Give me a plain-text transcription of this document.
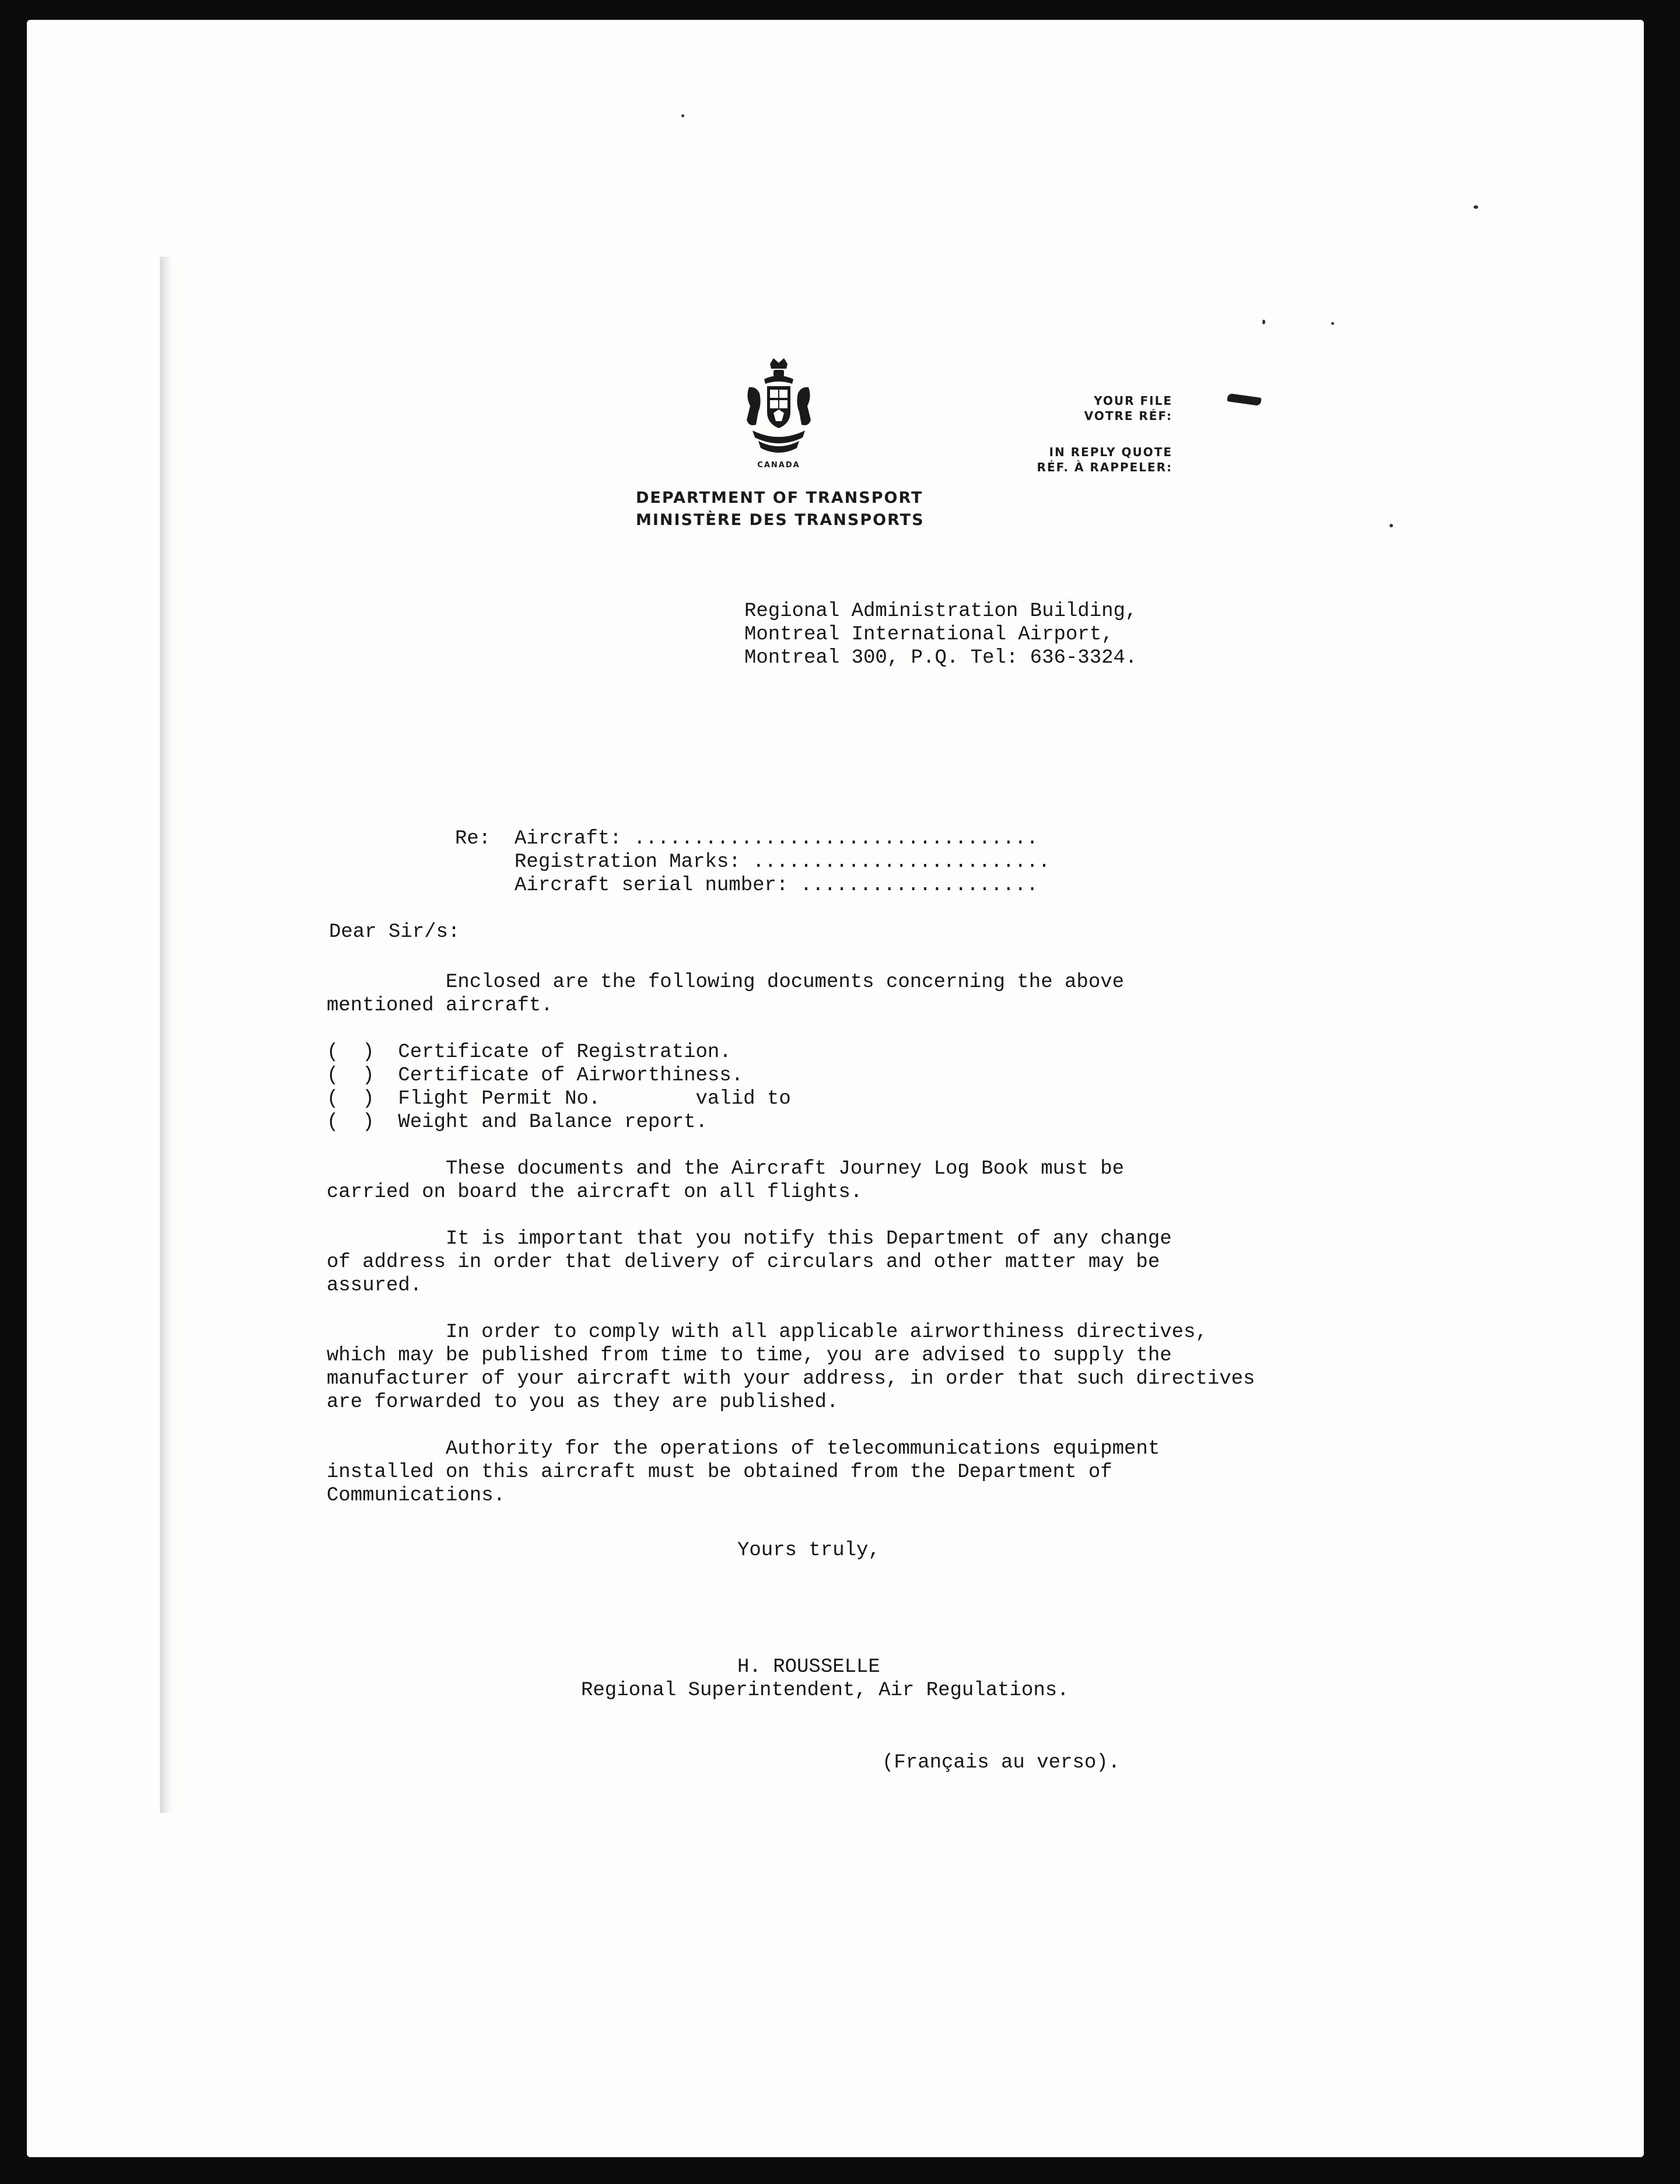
CANADA
DEPARTMENT OF TRANSPORT
MINISTÈRE DES TRANSPORTS
YOUR FILE
VOTRE RÉF:
IN REPLY QUOTE
RÉF. À RAPPELER:
Regional Administration Building,
Montreal International Airport,
Montreal 300, P.Q. Tel: 636-3324.
Re: Aircraft: ..................................
Registration Marks: .........................
Aircraft serial number: ....................
Dear Sir/s:
Enclosed are the following documents concerning the above
mentioned aircraft.
(  )  Certificate of Registration.
(  )  Certificate of Airworthiness.
(  )  Flight Permit No.        valid to
(  )  Weight and Balance report.
These documents and the Aircraft Journey Log Book must be
carried on board the aircraft on all flights.
It is important that you notify this Department of any change
of address in order that delivery of circulars and other matter may be
assured.
In order to comply with all applicable airworthiness directives,
which may be published from time to time, you are advised to supply the
manufacturer of your aircraft with your address, in order that such directives
are forwarded to you as they are published.
Authority for the operations of telecommunications equipment
installed on this aircraft must be obtained from the Department of
Communications.
Yours truly,
H. ROUSSELLE
Regional Superintendent, Air Regulations.
(Français au verso).
